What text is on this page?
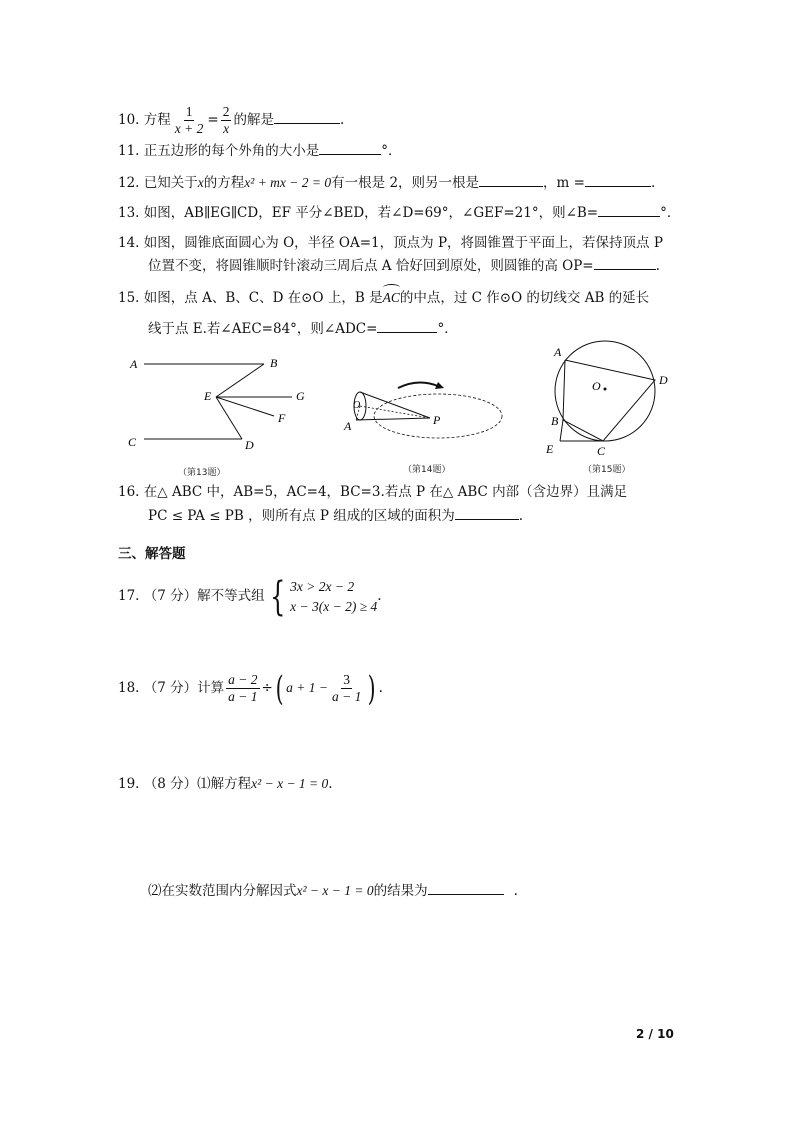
10. 方程 $\frac{1}{x + 2} = \frac{2}{x}$ 的解是	.
11. 正五边形的每个外角的大小是	°．
12. 已知关于x的方程x² + mx − 2 = 0有一根是 2，则另一根是	，m =	.
13. 如图，AB∥EG∥CD，EF 平分∠BED，若∠D=69°，∠GEF=21°，则∠B=	°．
14. 如图，圆锥底面圆心为 O，半径 OA=1，顶点为 P，将圆锥置于平面上，若保持顶点 P
位置不变，将圆锥顺时针滚动三周后点 A 恰好回到原处，则圆锥的高 OP=	.
15. 如图，点 A、B、C、D 在⊙O 上，B 是
AC的中点，过 C 作⊙O 的切线交 AB 的延长
线于点 E.若∠AEC=84°，则∠ADC=	°．
A	B
E	G
F
C	D
（第13题）
O
A	P
（第14题）
A
D
O
B
E	C
（第15题）
16. 在△ ABC 中，AB=5，AC=4，BC=3.若点 P 在△ ABC 内部（含边界）且满足
PC ≤ PA ≤ PB ，则所有点 P 组成的区域的面积为	.
三、解答题
17. （7 分）解不等式组 { 3x > 2x − 2
x − 3(x − 2) ≥ 4
.
18. （7 分）计算 $\frac{a - 2}{a - 1}$ ÷( $a + 1 - \frac{3}{a - 1}$ ) .
19. （8 分）⑴解方程x² − x − 1 = 0.
⑵在实数范围内分解因式x² − x − 1 = 0的结果为	.
2 / 10
